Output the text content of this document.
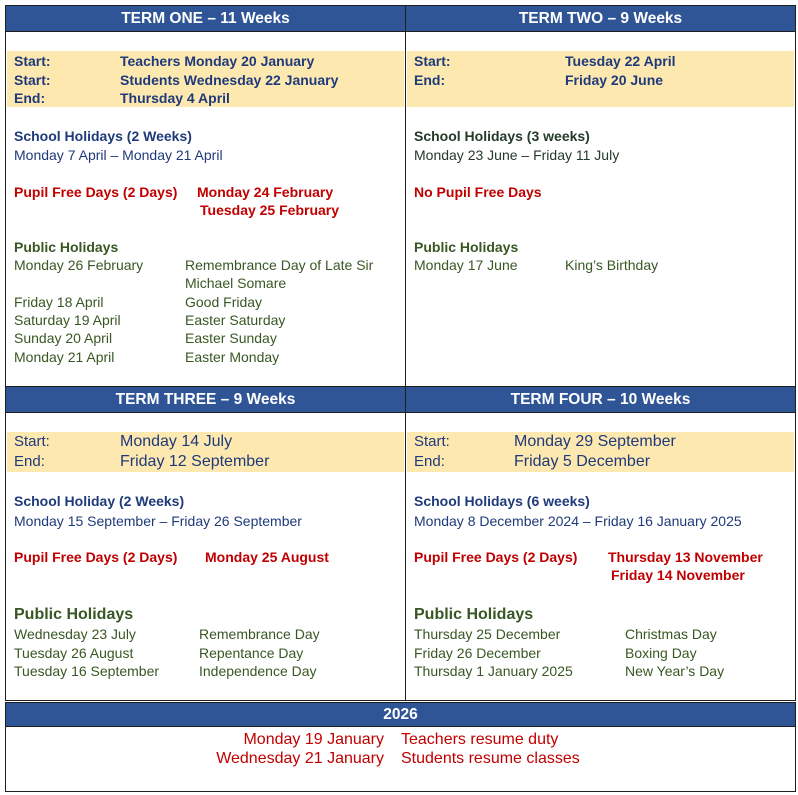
TERM ONE – 11 Weeks
Start:	Teachers Monday 20 January
Start:	Students Wednesday 22 January
End:	Thursday 4 April
School Holidays (2 Weeks)
Monday 7 April – Monday 21 April
Pupil Free Days (2 Days) Monday 24 February
Tuesday 25 February
Public Holidays
Monday 26 February	Remembrance Day of Late Sir
Michael Somare
Friday 18 April	Good Friday
Saturday 19 April	Easter Saturday
Sunday 20 April	Easter Sunday
Monday 21 April	Easter Monday
TERM TWO – 9 Weeks
Start:	Tuesday 22 April
End:	Friday 20 June
School Holidays (3 weeks)
Monday 23 June – Friday 11 July
No Pupil Free Days
Public Holidays
Monday 17 June	King’s Birthday
TERM THREE – 9 Weeks
Start:	Monday 14 July
End:	Friday 12 September
School Holiday (2 Weeks)
Monday 15 September – Friday 26 September
Pupil Free Days (2 Days) Monday 25 August
Public Holidays
Wednesday 23 July	Remembrance Day
Tuesday 26 August	Repentance Day
Tuesday 16 September	Independence Day
TERM FOUR – 10 Weeks
Start:	Monday 29 September
End:	Friday 5 December
School Holidays (6 weeks)
Monday 8 December 2024 – Friday 16 January 2025
Pupil Free Days (2 Days) Thursday 13 November
Friday 14 November
Public Holidays
Thursday 25 December	Christmas Day
Friday 26 December	Boxing Day
Thursday 1 January 2025	New Year’s Day
2026
Monday 19 January Teachers resume duty
Wednesday 21 January Students resume classes
